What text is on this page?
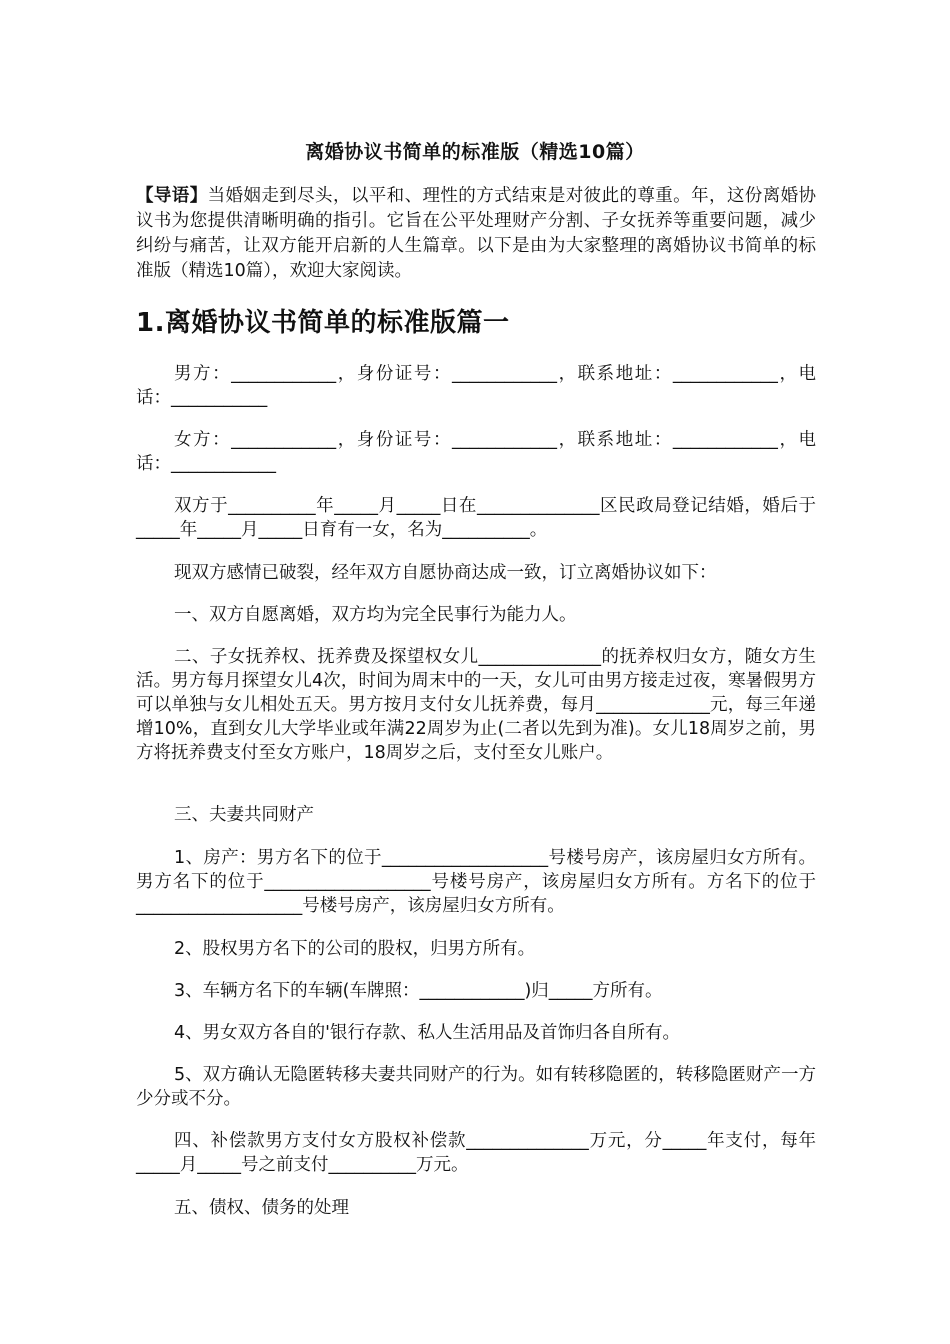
离婚协议书简单的标准版（精选10篇）
【导语】当婚姻走到尽头，以平和、理性的方式结束是对彼此的尊重。年，这份离婚协议书为您提供清晰明确的指引。它旨在公平处理财产分割、子女抚养等重要问题，减少纠纷与痛苦，让双方能开启新的人生篇章。以下是由为大家整理的离婚协议书简单的标准版（精选10篇），欢迎大家阅读。
1.离婚协议书简单的标准版篇一
男方：____________，身份证号：____________，联系地址：____________，电话：___________
女方：____________，身份证号：____________，联系地址：____________，电话：____________
双方于__________年_____月_____日在______________区民政局登记结婚，婚后于_____年_____月_____日育有一女，名为__________。
现双方感情已破裂，经年双方自愿协商达成一致，订立离婚协议如下：
一、双方自愿离婚，双方均为完全民事行为能力人。
二、子女抚养权、抚养费及探望权女儿______________的抚养权归女方，随女方生活。男方每月探望女儿4次，时间为周末中的一天，女儿可由男方接走过夜，寒暑假男方可以单独与女儿相处五天。男方按月支付女儿抚养费，每月_____________元，每三年递增10%，直到女儿大学毕业或年满22周岁为止(二者以先到为准)。女儿18周岁之前，男方将抚养费支付至女方账户，18周岁之后，支付至女儿账户。
三、夫妻共同财产
1、房产：男方名下的位于___________________号楼号房产，该房屋归女方所有。男方名下的位于___________________号楼号房产，该房屋归女方所有。方名下的位于___________________号楼号房产，该房屋归女方所有。
2、股权男方名下的公司的股权，归男方所有。
3、车辆方名下的车辆(车牌照：____________)归_____方所有。
4、男女双方各自的'银行存款、私人生活用品及首饰归各自所有。
5、双方确认无隐匿转移夫妻共同财产的行为。如有转移隐匿的，转移隐匿财产一方少分或不分。
四、补偿款男方支付女方股权补偿款______________万元，分_____年支付，每年_____月_____号之前支付__________万元。
五、债权、债务的处理
